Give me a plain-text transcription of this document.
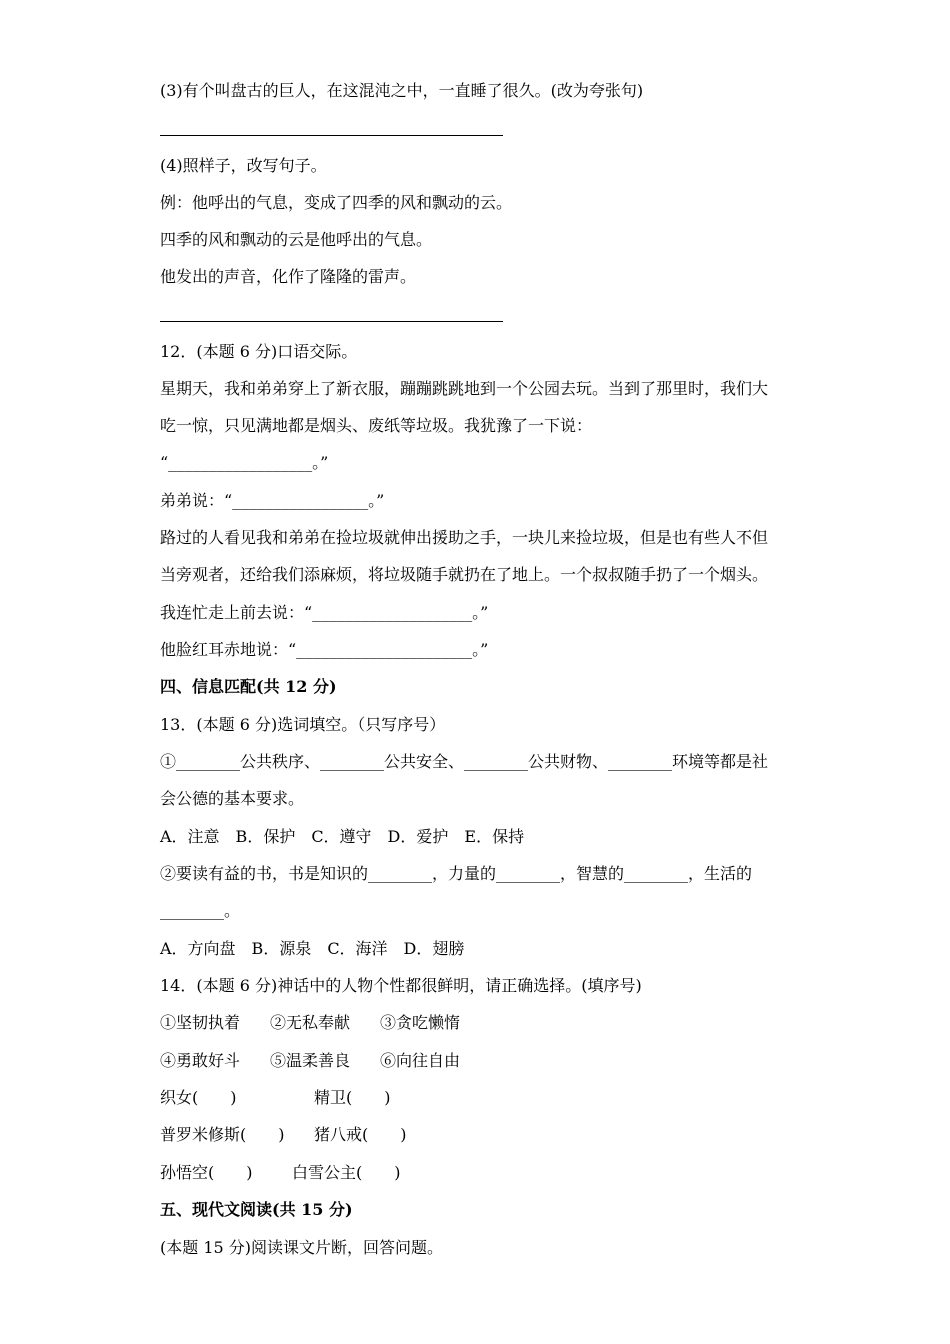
(3)有个叫盘古的巨人，在这混沌之中，一直睡了很久。(改为夸张句)
(4)照样子，改写句子。
例：他呼出的气息，变成了四季的风和飘动的云。
四季的风和飘动的云是他呼出的气息。
他发出的声音，化作了隆隆的雷声。
12．(本题 6 分)口语交际。
星期天，我和弟弟穿上了新衣服，蹦蹦跳跳地到一个公园去玩。当到了那里时，我们大
吃一惊，只见满地都是烟头、废纸等垃圾。我犹豫了一下说：
“__________________。”
弟弟说：“_________________。”
路过的人看见我和弟弟在捡垃圾就伸出援助之手，一块儿来捡垃圾，但是也有些人不但
当旁观者，还给我们添麻烦，将垃圾随手就扔在了地上。一个叔叔随手扔了一个烟头。
我连忙走上前去说：“____________________。”
他脸红耳赤地说：“______________________。”
四、信息匹配(共 12 分)
13．(本题 6 分)选词填空。（只写序号）
①________公共秩序、________公共安全、________公共财物、________环境等都是社
会公德的基本要求。
A．注意　B．保护　C．遵守　D．爱护　E．保持
②要读有益的书，书是知识的________，力量的________，智慧的________，生活的
________。
A．方向盘　B．源泉　C．海洋　D．翅膀
14．(本题 6 分)神话中的人物个性都很鲜明，请正确选择。(填序号)
①坚韧执着 ②无私奉献 ③贪吃懒惰
④勇敢好斗 ⑤温柔善良 ⑥向往自由
织女(　　)	精卫(　　)
普罗米修斯(　　) 猪八戒(　　)
孙悟空(　　) 白雪公主(　　)
五、现代文阅读(共 15 分)
(本题 15 分)阅读课文片断，回答问题。
